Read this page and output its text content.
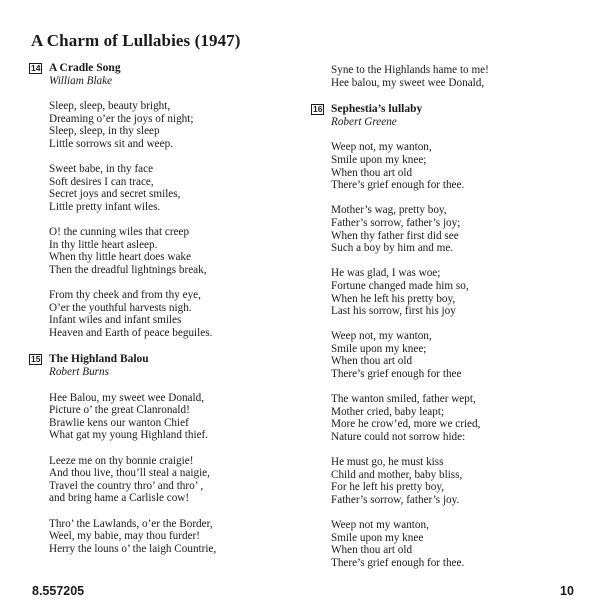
A Charm of Lullabies (1947)
14 A Cradle Song
William Blake
Sleep, sleep, beauty bright,
Dreaming o’er the joys of night;
Sleep, sleep, in thy sleep
Little sorrows sit and weep.
Sweet babe, in thy face
Soft desires I can trace,
Secret joys and secret smiles,
Little pretty infant wiles.
O! the cunning wiles that creep
In thy little heart asleep.
When thy little heart does wake
Then the dreadful lightnings break,
From thy cheek and from thy eye,
O’er the youthful harvests nigh.
Infant wiles and infant smiles
Heaven and Earth of peace beguiles.
15 The Highland Balou
Robert Burns
Hee Balou, my sweet wee Donald,
Picture o’ the great Clanronald!
Brawlie kens our wanton Chief
What gat my young Highland thief.
Leeze me on thy bonnie craigie!
And thou live, thou’ll steal a naigie,
Travel the country thro’ and thro’ ,
and bring hame a Carlisle cow!
Thro’ the Lawlands, o’er the Border,
Weel, my babie, may thou furder!
Herry the louns o’ the laigh Countrie,
Syne to the Highlands hame to me!
Hee balou, my sweet wee Donald,
16 Sephestia’s lullaby
Robert Greene
Weep not, my wanton,
Smile upon my knee;
When thou art old
There’s grief enough for thee.
Mother’s wag, pretty boy,
Father’s sorrow, father’s joy;
When thy father first did see
Such a boy by him and me.
He was glad, I was woe;
Fortune changed made him so,
When he left his pretty boy,
Last his sorrow, first his joy
Weep not, my wanton,
Smile upon my knee;
When thou art old
There’s grief enough for thee
The wanton smiled, father wept,
Mother cried, baby leapt;
More he crow’ed, more we cried,
Nature could not sorrow hide:
He must go, he must kiss
Child and mother, baby bliss,
For he left his pretty boy,
Father’s sorrow, father’s joy.
Weep not my wanton,
Smile upon my knee
When thou art old
There’s grief enough for thee.
8.557205	10
